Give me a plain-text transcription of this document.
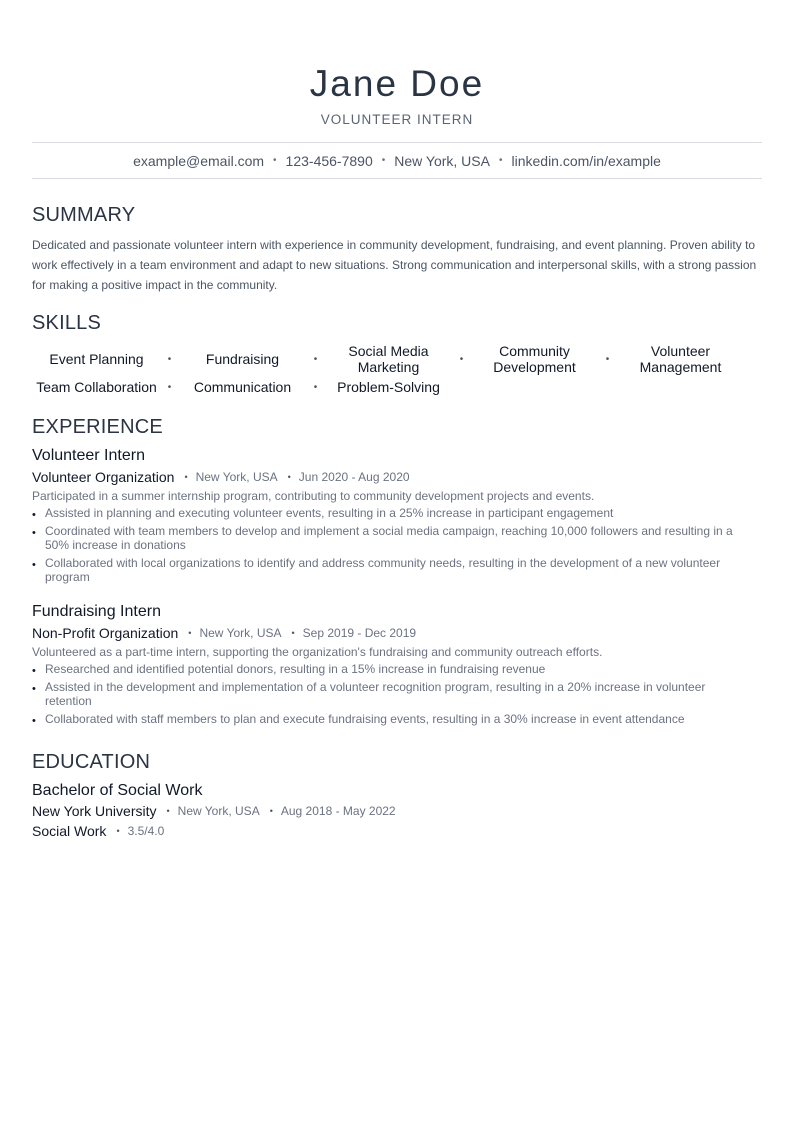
Jane Doe
VOLUNTEER INTERN
example@email.com • 123-456-7890 • New York, USA • linkedin.com/in/example
SUMMARY
Dedicated and passionate volunteer intern with experience in community development, fundraising, and event planning. Proven ability to work effectively in a team environment and adapt to new situations. Strong communication and interpersonal skills, with a strong passion for making a positive impact in the community.
SKILLS
Event Planning	•	Fundraising	•	Social Media Marketing	•	Community Development	•	Volunteer Management
Team Collaboration	•	Communication	•	Problem-Solving
EXPERIENCE
Volunteer Intern
Volunteer Organization • New York, USA • Jun 2020 - Aug 2020
Participated in a summer internship program, contributing to community development projects and events.
• Assisted in planning and executing volunteer events, resulting in a 25% increase in participant engagement
• Coordinated with team members to develop and implement a social media campaign, reaching 10,000 followers and resulting in a 50% increase in donations
• Collaborated with local organizations to identify and address community needs, resulting in the development of a new volunteer program
Fundraising Intern
Non-Profit Organization • New York, USA • Sep 2019 - Dec 2019
Volunteered as a part-time intern, supporting the organization's fundraising and community outreach efforts.
• Researched and identified potential donors, resulting in a 15% increase in fundraising revenue
• Assisted in the development and implementation of a volunteer recognition program, resulting in a 20% increase in volunteer retention
• Collaborated with staff members to plan and execute fundraising events, resulting in a 30% increase in event attendance
EDUCATION
Bachelor of Social Work
New York University • New York, USA • Aug 2018 - May 2022
Social Work • 3.5/4.0
